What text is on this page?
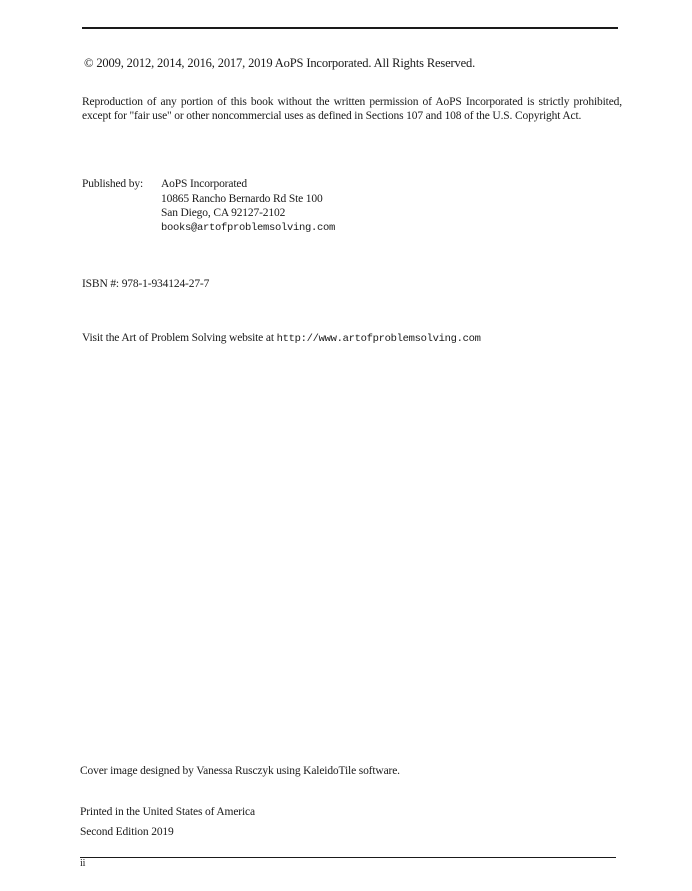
© 2009, 2012, 2014, 2016, 2017, 2019 AoPS Incorporated. All Rights Reserved.
Reproduction of any portion of this book without the written permission of AoPS Incorporated is strictly prohibited, except for "fair use" or other noncommercial uses as defined in Sections 107 and 108 of the U.S. Copyright Act.
Published by: AoPS Incorporated
10865 Rancho Bernardo Rd Ste 100
San Diego, CA 92127-2102
books@artofproblemsolving.com
ISBN #: 978-1-934124-27-7
Visit the Art of Problem Solving website at http://www.artofproblemsolving.com
Cover image designed by Vanessa Rusczyk using KaleidoTile software.
Printed in the United States of America
Second Edition 2019
ii
